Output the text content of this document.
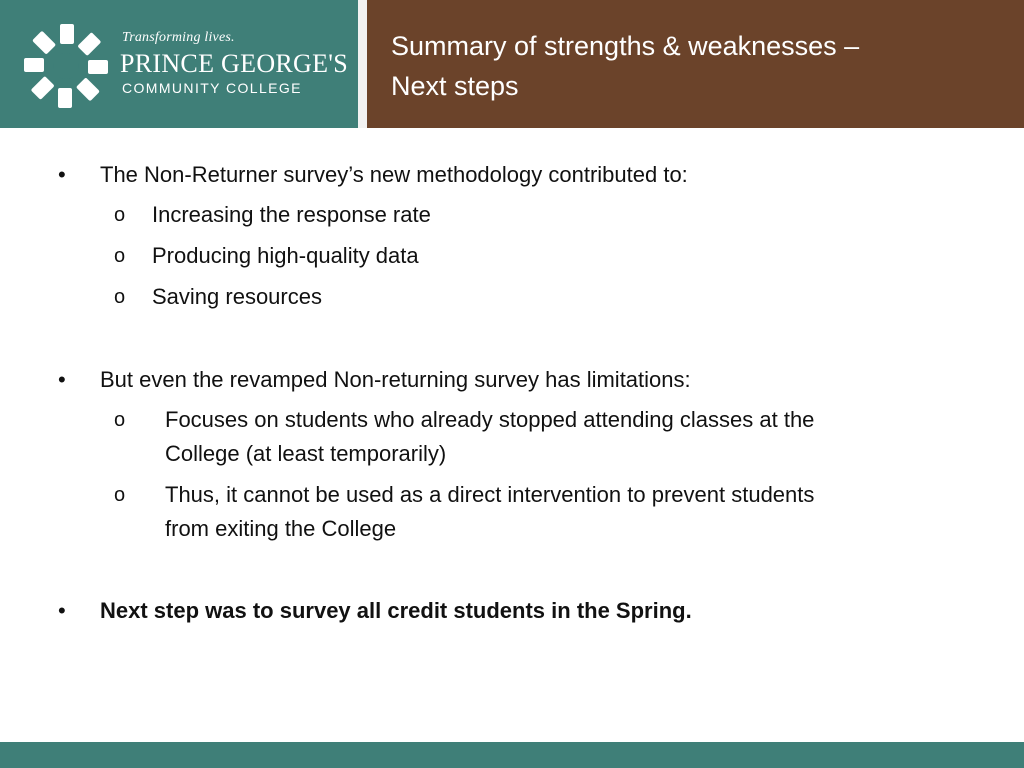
Transforming lives.
PRINCE GEORGE'S
COMMUNITY COLLEGE
Summary of strengths & weaknesses –
Next steps
• The Non-Returner survey’s new methodology contributed to:
o Increasing the response rate
o Producing high-quality data
o Saving resources
• But even the revamped Non-returning survey has limitations:
o Focuses on students who already stopped attending classes at the
College (at least temporarily)
o Thus, it cannot be used as a direct intervention to prevent students
from exiting the College
• Next step was to survey all credit students in the Spring.
